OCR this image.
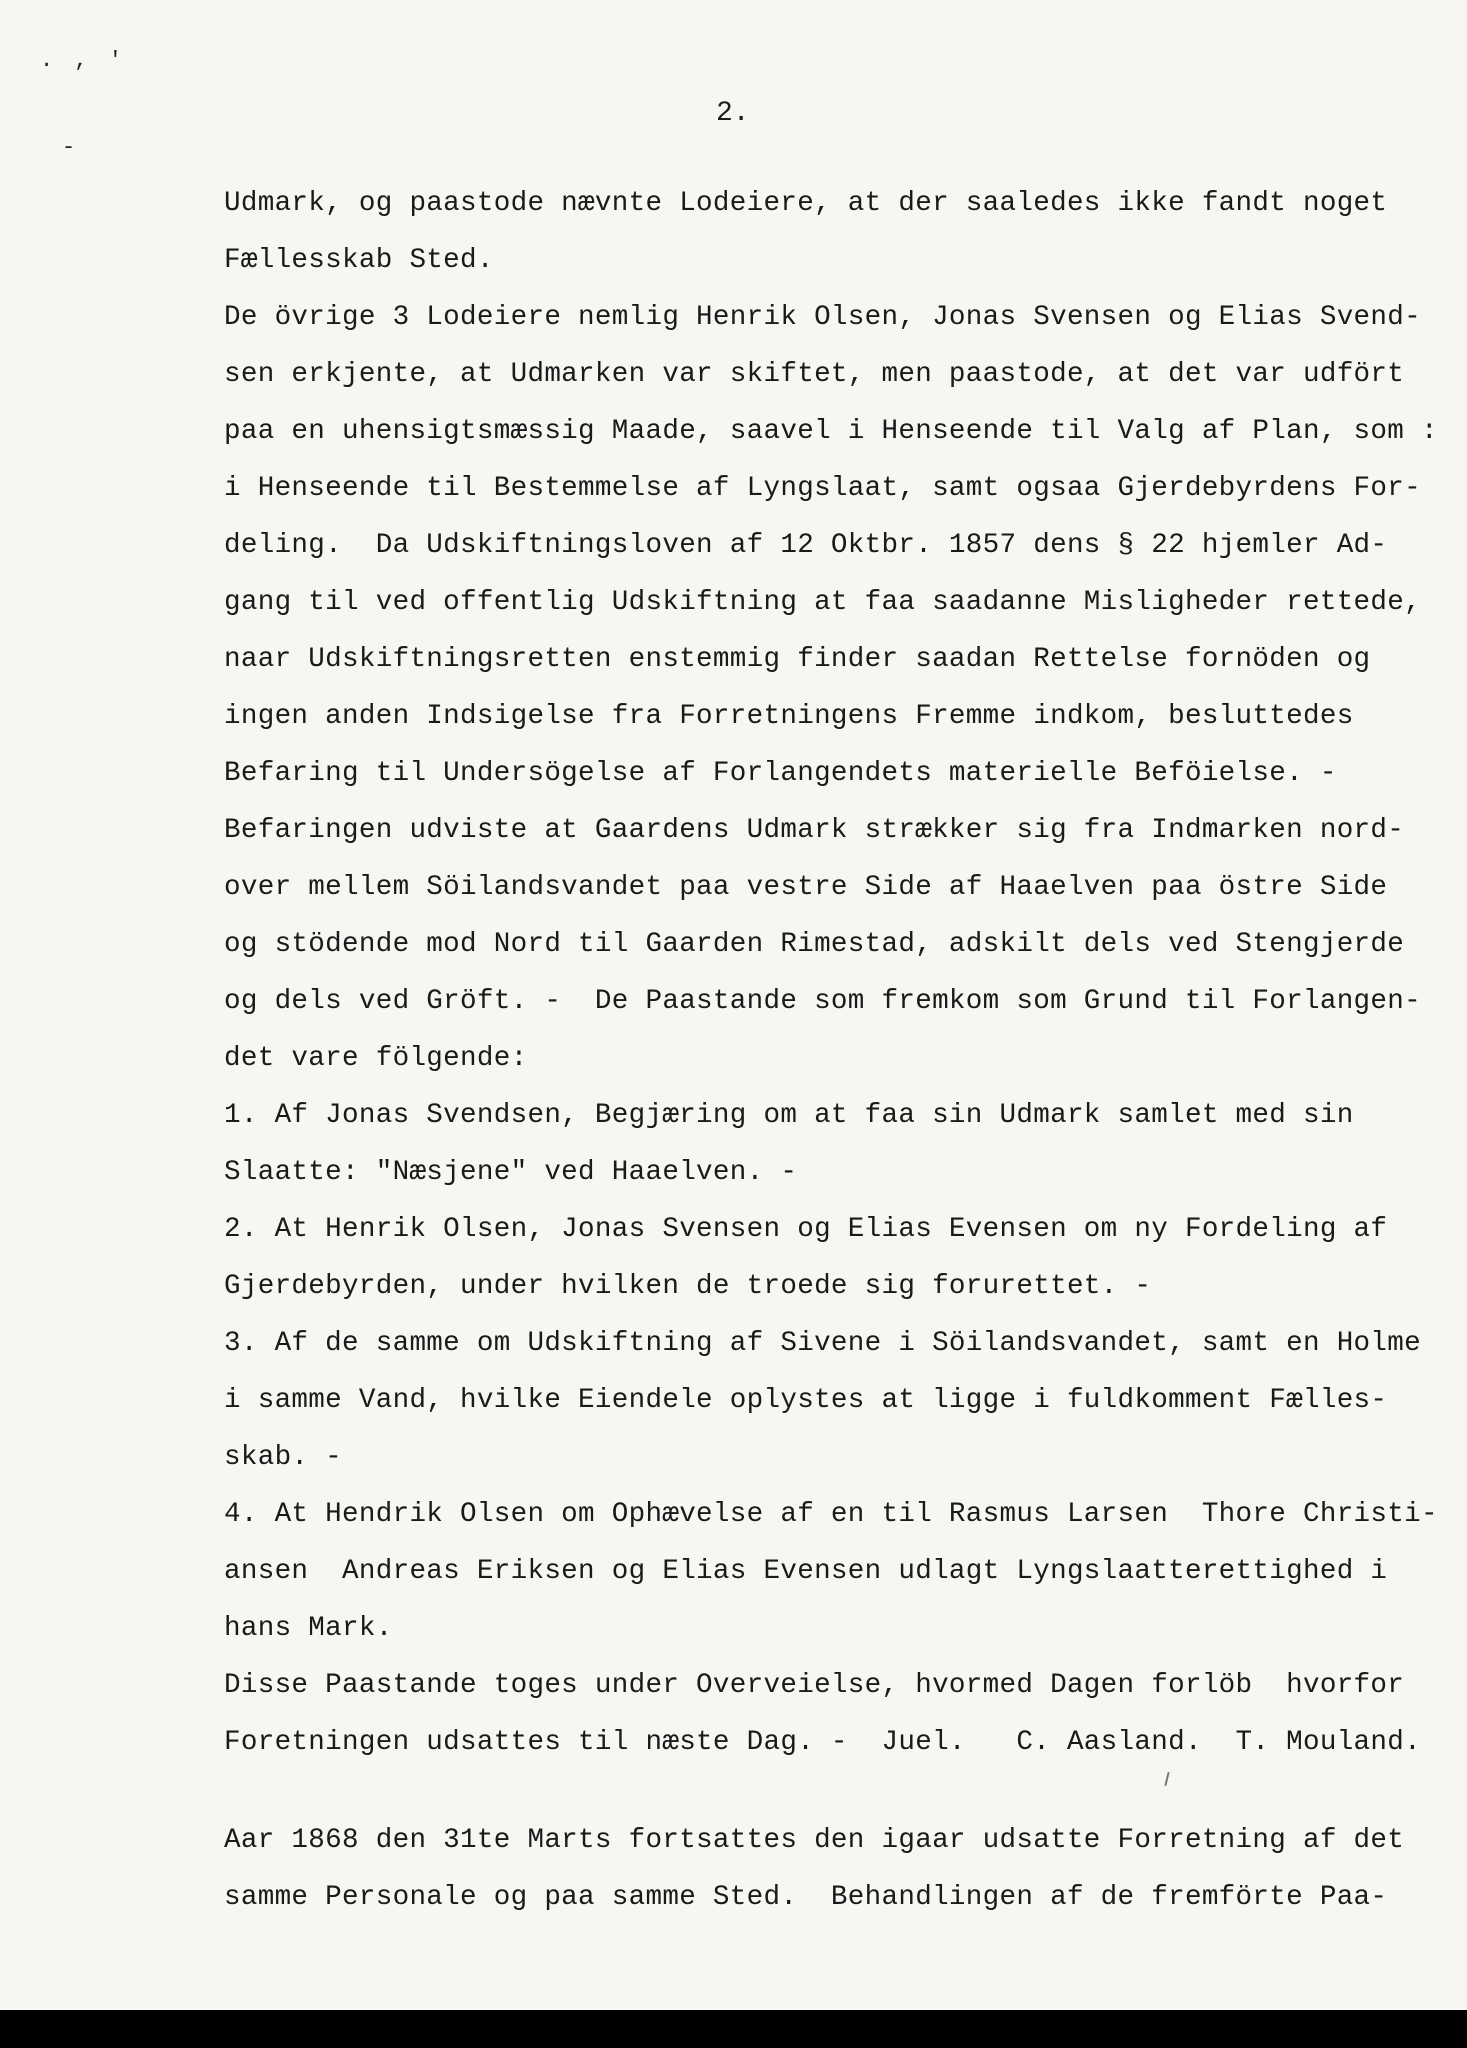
. , '
-
2.
Udmark, og paastode nævnte Lodeiere, at der saaledes ikke fandt noget
Fællesskab Sted.
De övrige 3 Lodeiere nemlig Henrik Olsen, Jonas Svensen og Elias Svend-
sen erkjente, at Udmarken var skiftet, men paastode, at det var udfört
paa en uhensigtsmæssig Maade, saavel i Henseende til Valg af Plan, som :
i Henseende til Bestemmelse af Lyngslaat, samt ogsaa Gjerdebyrdens For-
deling.  Da Udskiftningsloven af 12 Oktbr. 1857 dens § 22 hjemler Ad-
gang til ved offentlig Udskiftning at faa saadanne Misligheder rettede,
naar Udskiftningsretten enstemmig finder saadan Rettelse fornöden og
ingen anden Indsigelse fra Forretningens Fremme indkom, besluttedes
Befaring til Undersögelse af Forlangendets materielle Beföielse. -
Befaringen udviste at Gaardens Udmark strækker sig fra Indmarken nord-
over mellem Söilandsvandet paa vestre Side af Haaelven paa östre Side
og stödende mod Nord til Gaarden Rimestad, adskilt dels ved Stengjerde
og dels ved Gröft. -  De Paastande som fremkom som Grund til Forlangen-
det vare fölgende:
1. Af Jonas Svendsen, Begjæring om at faa sin Udmark samlet med sin
Slaatte: "Næsjene" ved Haaelven. -
2. At Henrik Olsen, Jonas Svensen og Elias Evensen om ny Fordeling af
Gjerdebyrden, under hvilken de troede sig forurettet. -
3. Af de samme om Udskiftning af Sivene i Söilandsvandet, samt en Holme
i samme Vand, hvilke Eiendele oplystes at ligge i fuldkomment Fælles-
skab. -
4. At Hendrik Olsen om Ophævelse af en til Rasmus Larsen  Thore Christi-
ansen  Andreas Eriksen og Elias Evensen udlagt Lyngslaatterettighed i
hans Mark.
Disse Paastande toges under Overveielse, hvormed Dagen forlöb  hvorfor
Foretningen udsattes til næste Dag. -  Juel.   C. Aasland.  T. Mouland.
Aar 1868 den 31te Marts fortsattes den igaar udsatte Forretning af det
samme Personale og paa samme Sted.  Behandlingen af de fremförte Paa-
